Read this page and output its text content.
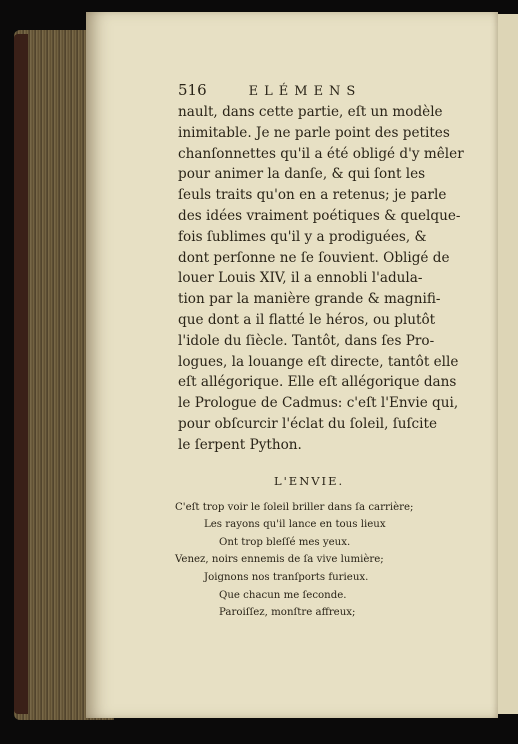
516	ELÉMENS
nault, dans cette partie, eſt un modèle
inimitable. Je ne parle point des petites
chanſonnettes qu'il a été obligé d'y mêler
pour animer la danſe, & qui ſont les
ſeuls traits qu'on en a retenus; je parle
des idées vraiment poétiques & quelque-
fois ſublimes qu'il y a prodiguées, &
dont perſonne ne ſe ſouvient. Obligé de
louer Louis XIV, il a ennobli l'adula-
tion par la manière grande & magnifi-
que dont a il flatté le héros, ou plutôt
l'idole du ſiècle. Tantôt, dans ſes Pro-
logues, la louange eſt directe, tantôt elle
eſt allégorique. Elle eſt allégorique dans
le Prologue de Cadmus: c'eſt l'Envie qui,
pour obſcurcir l'éclat du ſoleil, ſuſcite
le ſerpent Python.
L'ENVIE.
C'eſt trop voir le ſoleil briller dans ſa carrière;
Les rayons qu'il lance en tous lieux
Ont trop bleſſé mes yeux.
Venez, noirs ennemis de ſa vive lumière;
Joignons nos tranſports furieux.
Que chacun me ſeconde.
Paroiſſez, monſtre affreux;
